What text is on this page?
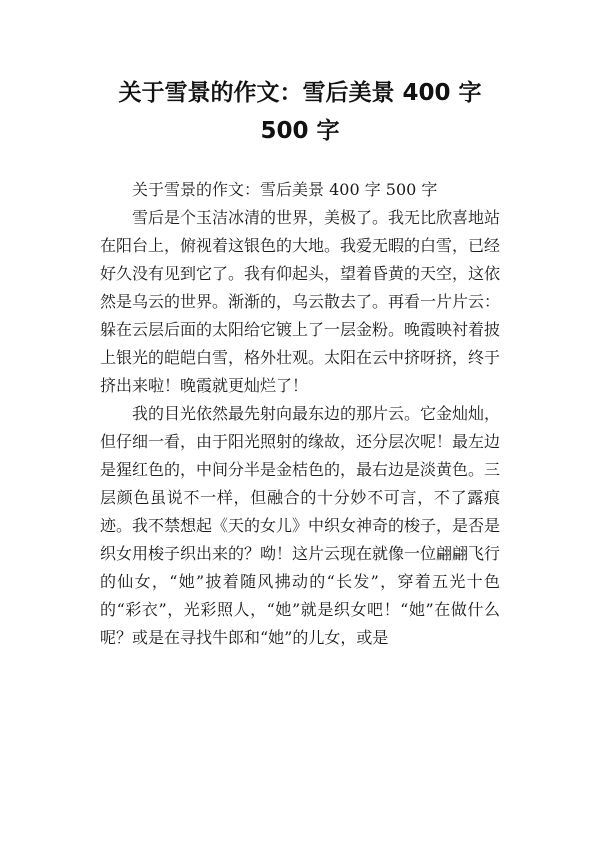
关于雪景的作文：雪后美景 400 字
500 字

关于雪景的作文：雪后美景 400 字 500 字

雪后是个玉洁冰清的世界，美极了。我无比欣喜地站在阳台上，俯视着这银色的大地。我爱无暇的白雪，已经好久没有见到它了。我有仰起头，望着昏黄的天空，这依然是乌云的世界。渐渐的，乌云散去了。再看一片片云：躲在云层后面的太阳给它镀上了一层金粉。晚霞映衬着披上银光的皑皑白雪，格外壮观。太阳在云中挤呀挤，终于挤出来啦！晚霞就更灿烂了！

我的目光依然最先射向最东边的那片云。它金灿灿，但仔细一看，由于阳光照射的缘故，还分层次呢！最左边是猩红色的，中间分半是金桔色的，最右边是淡黄色。三层颜色虽说不一样，但融合的十分妙不可言，不了露痕迹。我不禁想起《天的女儿》中织女神奇的梭子，是否是织女用梭子织出来的？呦！这片云现在就像一位翩翩飞行的仙女，“她”披着随风拂动的“长发”，穿着五光十色的“彩衣”，光彩照人，“她”就是织女吧！“她”在做什么呢？或是在寻找牛郎和“她”的儿女，或是
